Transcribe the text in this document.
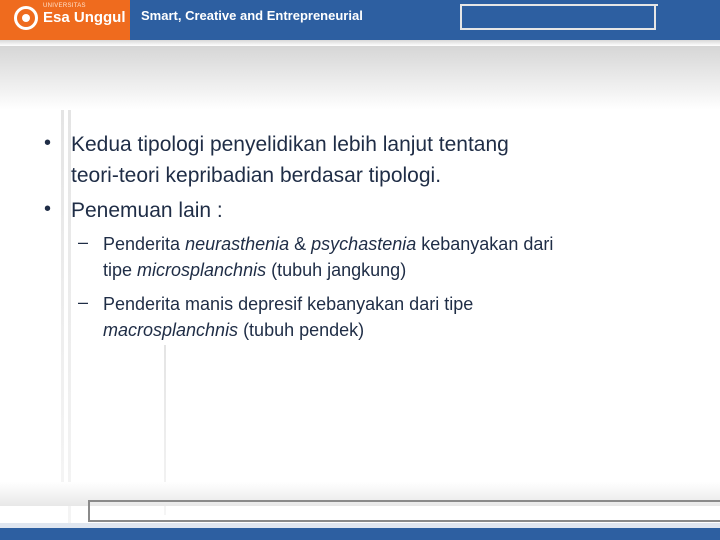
UNIVERSITAS
Esa Unggul Smart, Creative and Entrepreneurial
• Kedua tipologi penyelidikan lebih lanjut tentang
teori-teori kepribadian berdasar tipologi.
• Penemuan lain :
– Penderita neurasthenia & psychastenia kebanyakan dari
tipe microsplanchnis (tubuh jangkung)
– Penderita manis depresif kebanyakan dari tipe
macrosplanchnis (tubuh pendek)
